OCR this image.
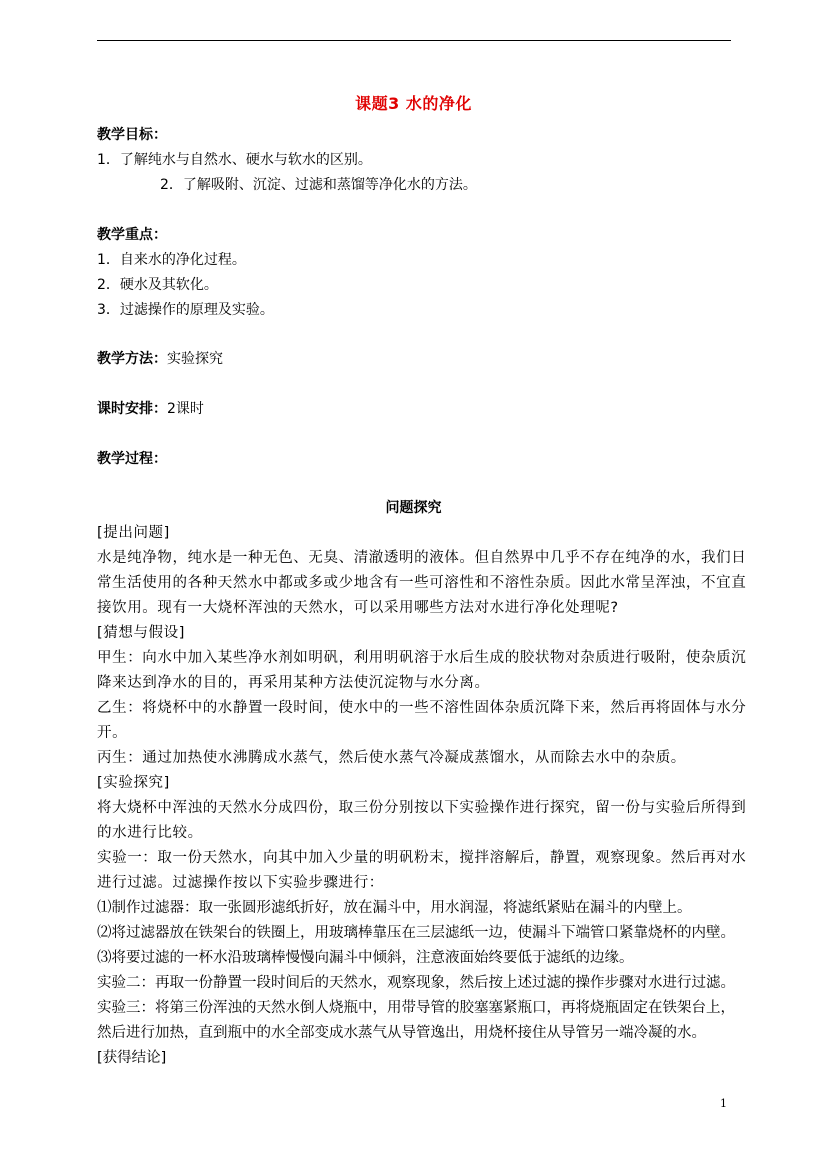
课题3 水的净化
教学目标：
1．了解纯水与自然水、硬水与软水的区别。
2．了解吸附、沉淀、过滤和蒸馏等净化水的方法。
教学重点：
1．自来水的净化过程。
2．硬水及其软化。
3．过滤操作的原理及实验。
教学方法：实验探究
课时安排：2课时
教学过程：
问题探究
[提出问题]
水是纯净物，纯水是一种无色、无臭、清澈透明的液体。但自然界中几乎不存在纯净的水，我们日
常生活使用的各种天然水中都或多或少地含有一些可溶性和不溶性杂质。因此水常呈浑浊，不宜直
接饮用。现有一大烧杯浑浊的天然水，可以采用哪些方法对水进行净化处理呢?
[猜想与假设]
甲生：向水中加入某些净水剂如明矾，利用明矾溶于水后生成的胶状物对杂质进行吸附，使杂质沉
降来达到净水的目的，再采用某种方法使沉淀物与水分离。
乙生：将烧杯中的水静置一段时间，使水中的一些不溶性固体杂质沉降下来，然后再将固体与水分
开。
丙生：通过加热使水沸腾成水蒸气，然后使水蒸气冷凝成蒸馏水，从而除去水中的杂质。
[实验探究]
将大烧杯中浑浊的天然水分成四份，取三份分别按以下实验操作进行探究，留一份与实验后所得到
的水进行比较。
实验一：取一份天然水，向其中加入少量的明矾粉末，搅拌溶解后，静置，观察现象。然后再对水
进行过滤。过滤操作按以下实验步骤进行：
⑴制作过滤器：取一张圆形滤纸折好，放在漏斗中，用水润湿，将滤纸紧贴在漏斗的内壁上。
⑵将过滤器放在铁架台的铁圈上，用玻璃棒靠压在三层滤纸一边，使漏斗下端管口紧靠烧杯的内壁。
⑶将要过滤的一杯水沿玻璃棒慢慢向漏斗中倾斜，注意液面始终要低于滤纸的边缘。
实验二：再取一份静置一段时间后的天然水，观察现象，然后按上述过滤的操作步骤对水进行过滤。
实验三：将第三份浑浊的天然水倒人烧瓶中，用带导管的胶塞塞紧瓶口，再将烧瓶固定在铁架台上，
然后进行加热，直到瓶中的水全部变成水蒸气从导管逸出，用烧杯接住从导管另一端冷凝的水。
[获得结论]
1
